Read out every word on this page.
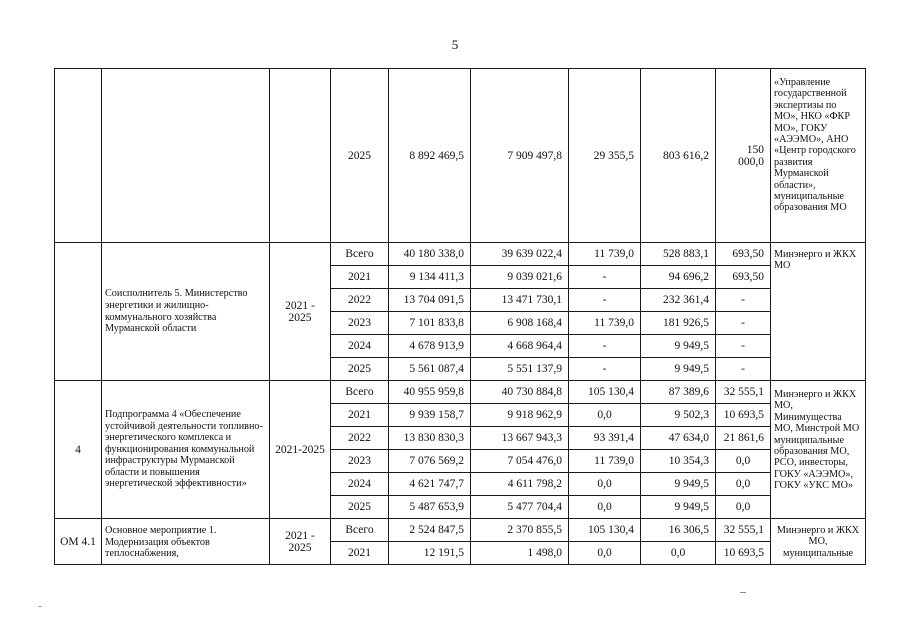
5
			2025	8 892 469,5	7 909 497,8	29 355,5	803 616,2	150 000,0	«Управление государственной экспертизы по МО», НКО «ФКР МО», ГОКУ «АЭЭМО», АНО «Центр городского развития Мурманской области», муниципальные образования МО
	Соисполнитель 5. Министерство энергетики и жилищно-коммунального хозяйства Мурманской области	2021 - 2025	Всего	40 180 338,0	39 639 022,4	11 739,0	528 883,1	693,50	Минэнерго и ЖКХ МО
			2021	9 134 411,3	9 039 021,6	-	94 696,2	693,50	
			2022	13 704 091,5	13 471 730,1	-	232 361,4	-	
			2023	7 101 833,8	6 908 168,4	11 739,0	181 926,5	-	
			2024	4 678 913,9	4 668 964,4	-	9 949,5	-	
			2025	5 561 087,4	5 551 137,9	-	9 949,5	-	
4	Подпрограмма 4 «Обеспечение устойчивой деятельности топливно-энергетического комплекса и функционирования коммунальной инфраструктуры Мурманской области и повышения энергетической эффективности»	2021-2025	Всего	40 955 959,8	40 730 884,8	105 130,4	87 389,6	32 555,1	Минэнерго и ЖКХ МО, Минимущества МО, Минстрой МО муниципальные образования МО, РСО, инвесторы, ГОКУ «АЭЭМО», ГОКУ «УКС МО»
			2021	9 939 158,7	9 918 962,9	0,0	9 502,3	10 693,5	
			2022	13 830 830,3	13 667 943,3	93 391,4	47 634,0	21 861,6	
			2023	7 076 569,2	7 054 476,0	11 739,0	10 354,3	0,0	
			2024	4 621 747,7	4 611 798,2	0,0	9 949,5	0,0	
			2025	5 487 653,9	5 477 704,4	0,0	9 949,5	0,0	
ОМ 4.1	Основное мероприятие 1. Модернизация объектов теплоснабжения,	2021 - 2025	Всего	2 524 847,5	2 370 855,5	105 130,4	16 306,5	32 555,1	Минэнерго и ЖКХ МО, муниципальные
			2021	12 191,5	1 498,0	0,0	0,0	10 693,5	
